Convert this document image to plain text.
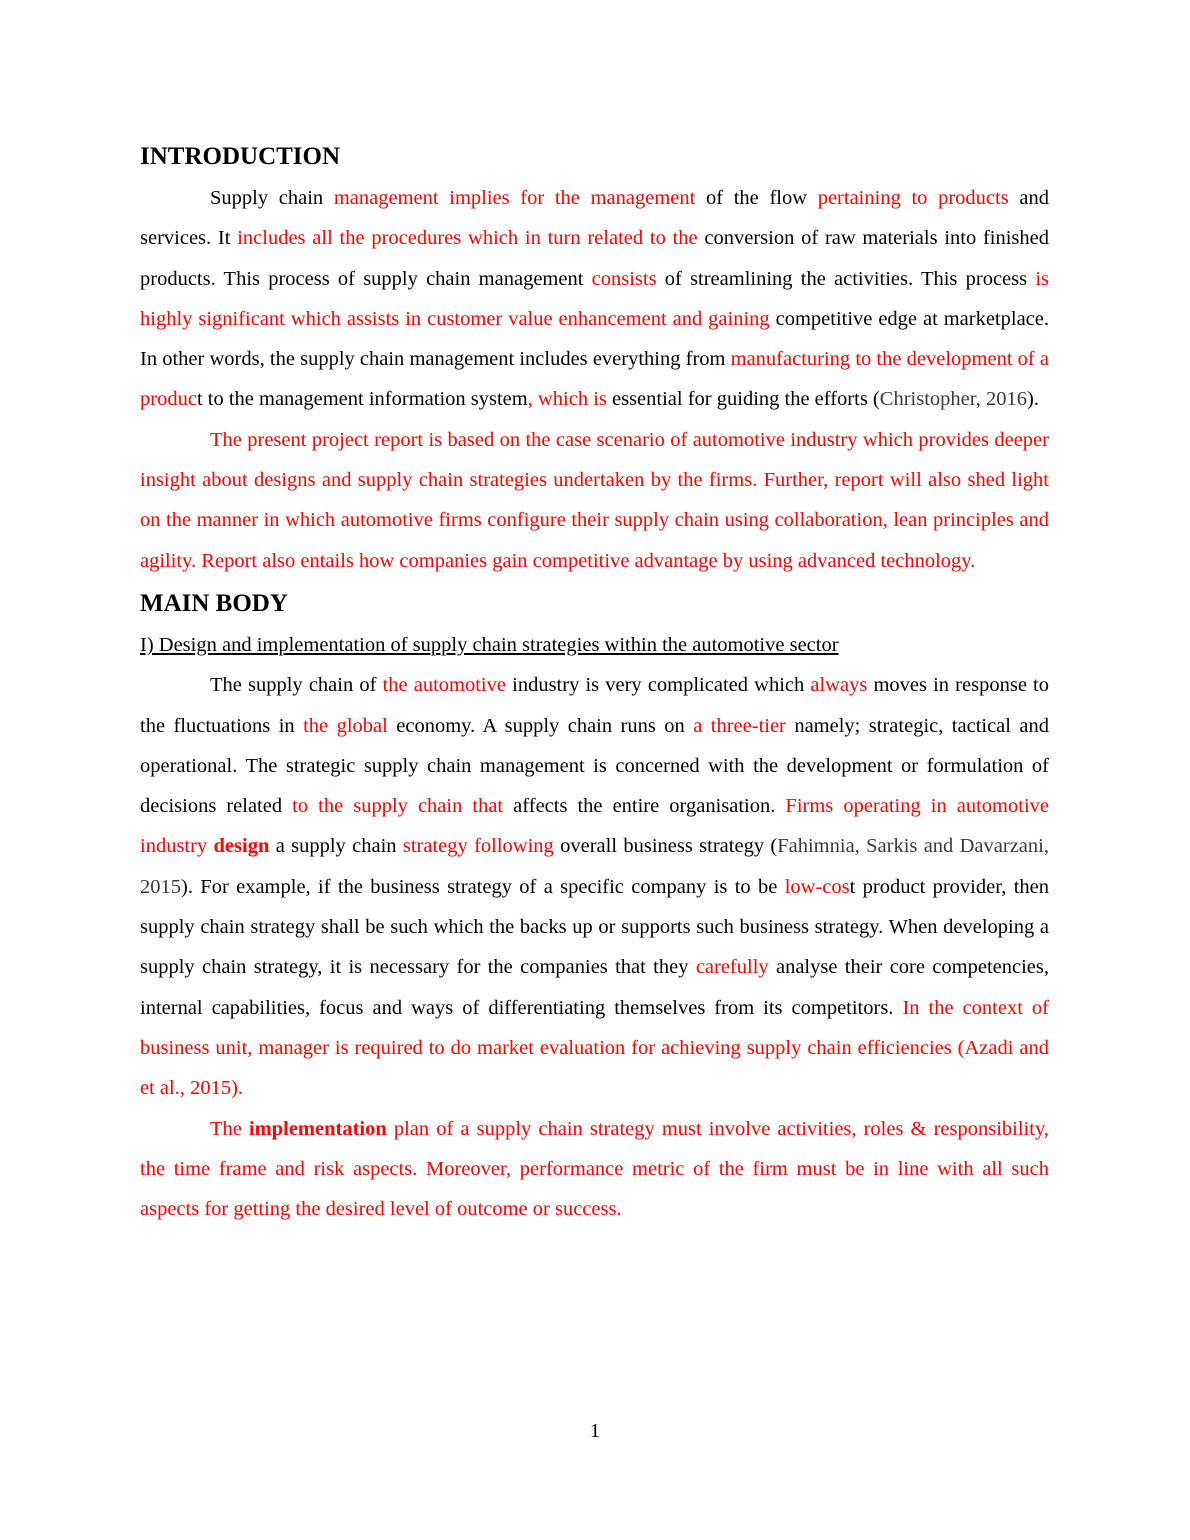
INTRODUCTION

Supply chain management implies for the management of the flow pertaining to products and services. It includes all the procedures which in turn related to the conversion of raw materials into finished products. This process of supply chain management consists of streamlining the activities. This process is highly significant which assists in customer value enhancement and gaining competitive edge at marketplace. In other words, the supply chain management includes everything from manufacturing to the development of a product to the management information system, which is essential for guiding the efforts (Christopher, 2016).

The present project report is based on the case scenario of automotive industry which provides deeper insight about designs and supply chain strategies undertaken by the firms. Further, report will also shed light on the manner in which automotive firms configure their supply chain using collaboration, lean principles and agility. Report also entails how companies gain competitive advantage by using advanced technology.

MAIN BODY
I) Design and implementation of supply chain strategies within the automotive sector

The supply chain of the automotive industry is very complicated which always moves in response to the fluctuations in the global economy. A supply chain runs on a three-tier namely; strategic, tactical and operational. The strategic supply chain management is concerned with the development or formulation of decisions related to the supply chain that affects the entire organisation. Firms operating in automotive industry design a supply chain strategy following overall business strategy (Fahimnia, Sarkis and Davarzani, 2015). For example, if the business strategy of a specific company is to be low-cost product provider, then supply chain strategy shall be such which the backs up or supports such business strategy. When developing a supply chain strategy, it is necessary for the companies that they carefully analyse their core competencies, internal capabilities, focus and ways of differentiating themselves from its competitors. In the context of business unit, manager is required to do market evaluation for achieving supply chain efficiencies (Azadi and et al., 2015).

The implementation plan of a supply chain strategy must involve activities, roles & responsibility, the time frame and risk aspects. Moreover, performance metric of the firm must be in line with all such aspects for getting the desired level of outcome or success.

1
